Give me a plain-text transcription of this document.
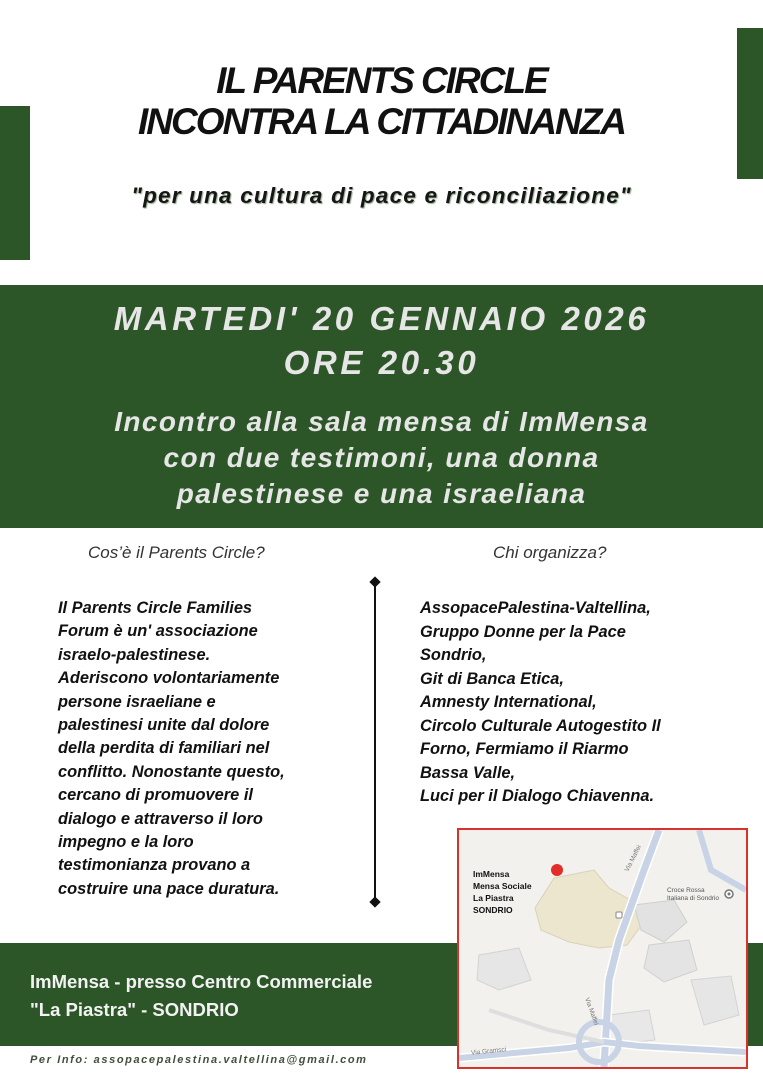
IL PARENTS CIRCLE
INCONTRA LA CITTADINANZA
"per una cultura di pace e riconciliazione"
MARTEDI' 20 GENNAIO 2026
ORE 20.30
Incontro alla sala mensa di ImMensa
con due testimoni, una donna
palestinese e una israeliana
Cos’è il Parents Circle?	Chi organizza?
Il Parents Circle Families
Forum è un' associazione
israelo-palestinese.
Aderiscono volontariamente
persone israeliane e
palestinesi unite dal dolore
della perdita di familiari nel
conflitto. Nonostante questo,
cercano di promuovere il
dialogo e attraverso il loro
impegno e la loro
testimonianza provano a
costruire una pace duratura.
AssopacePalestina-Valtellina,
Gruppo Donne per la Pace
Sondrio,
Git di Banca Etica,
Amnesty International,
Circolo Culturale Autogestito Il
Forno, Fermiamo il Riarmo
Bassa Valle,
Luci per il Dialogo Chiavenna.
ImMensa - presso Centro Commerciale
"La Piastra" - SONDRIO
Per Info: assopacepalestina.valtellina@gmail.com
ImMensa
Mensa Sociale
La Piastra
SONDRIO
Croce Rossa
Italiana di Sondrio
Via Maffei
Via Maffei
Via Gramsci
